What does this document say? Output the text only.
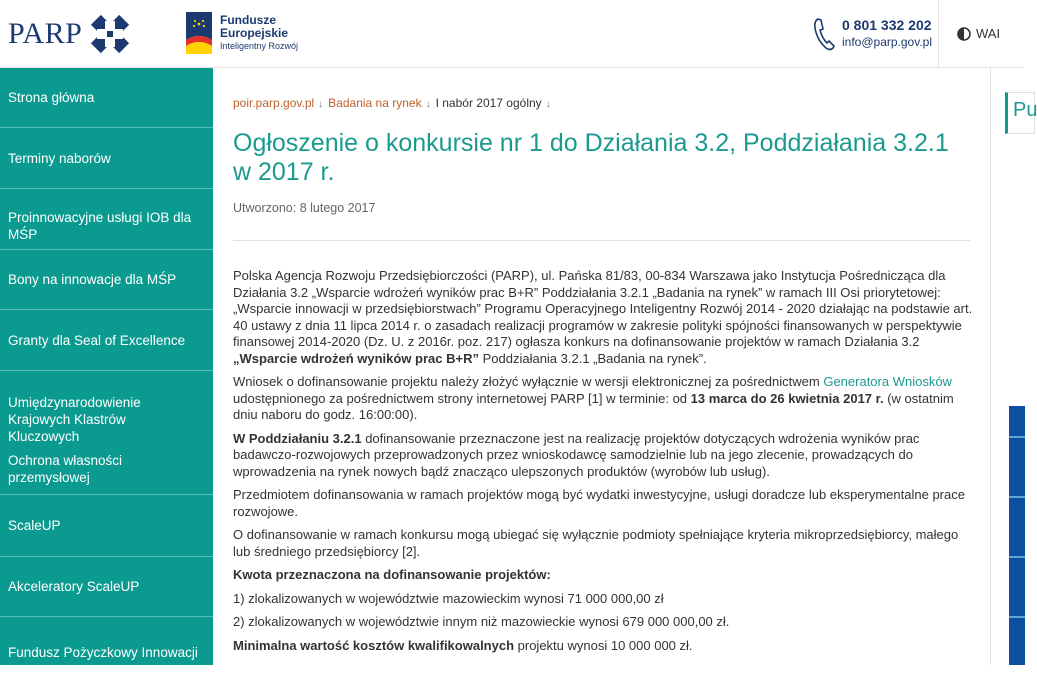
PARP	Fundusze
Europejskie
Inteligentny Rozwój
0 801 332 202
info@parp.gov.pl
WAI
Strona główna
Terminy naborów
Proinnowacyjne usługi IOB dla MŚP
Bony na innowacje dla MŚP
Granty dla Seal of Excellence
Umiędzynarodowienie Krajowych Klastrów Kluczowych
Ochrona własności przemysłowej
ScaleUP
Akceleratory ScaleUP
Fundusz Pożyczkowy Innowacji
poir.parp.gov.pl ↓ Badania na rynek ↓ I nabór 2017 ogólny ↓
Ogłoszenie o konkursie nr 1 do Działania 3.2, Poddziałania 3.2.1 w 2017 r.
Utworzono: 8 lutego 2017

Polska Agencja Rozwoju Przedsiębiorczości (PARP), ul. Pańska 81/83, 00-834 Warszawa jako Instytucja Pośrednicząca dla Działania 3.2 „Wsparcie wdrożeń wyników prac B+R” Poddziałania 3.2.1 „Badania na rynek” w ramach III Osi priorytetowej: „Wsparcie innowacji w przedsiębiorstwach” Programu Operacyjnego Inteligentny Rozwój 2014 - 2020 działając na podstawie art. 40 ustawy z dnia 11 lipca 2014 r. o zasadach realizacji programów w zakresie polityki spójności finansowanych w perspektywie finansowej 2014-2020 (Dz. U. z 2016r. poz. 217) ogłasza konkurs na dofinansowanie projektów w ramach Działania 3.2 „Wsparcie wdrożeń wyników prac B+R” Poddziałania 3.2.1 „Badania na rynek”.

Wniosek o dofinansowanie projektu należy złożyć wyłącznie w wersji elektronicznej za pośrednictwem Generatora Wniosków udostępnionego za pośrednictwem strony internetowej PARP [1] w terminie: od 13 marca do 26 kwietnia 2017 r. (w ostatnim dniu naboru do godz. 16:00:00).

W Poddziałaniu 3.2.1 dofinansowanie przeznaczone jest na realizację projektów dotyczących wdrożenia wyników prac badawczo-rozwojowych przeprowadzonych przez wnioskodawcę samodzielnie lub na jego zlecenie, prowadzących do wprowadzenia na rynek nowych bądź znacząco ulepszonych produktów (wyrobów lub usług).

Przedmiotem dofinansowania w ramach projektów mogą być wydatki inwestycyjne, usługi doradcze lub eksperymentalne prace rozwojowe.

O dofinansowanie w ramach konkursu mogą ubiegać się wyłącznie podmioty spełniające kryteria mikroprzedsiębiorcy, małego lub średniego przedsiębiorcy [2].

Kwota przeznaczona na dofinansowanie projektów:

1) zlokalizowanych w województwie mazowieckim wynosi 71 000 000,00 zł

2) zlokalizowanych w województwie innym niż mazowieckie wynosi 679 000 000,00 zł.

Minimalna wartość kosztów kwalifikowalnych projektu wynosi 10 000 000 zł.

Pu
